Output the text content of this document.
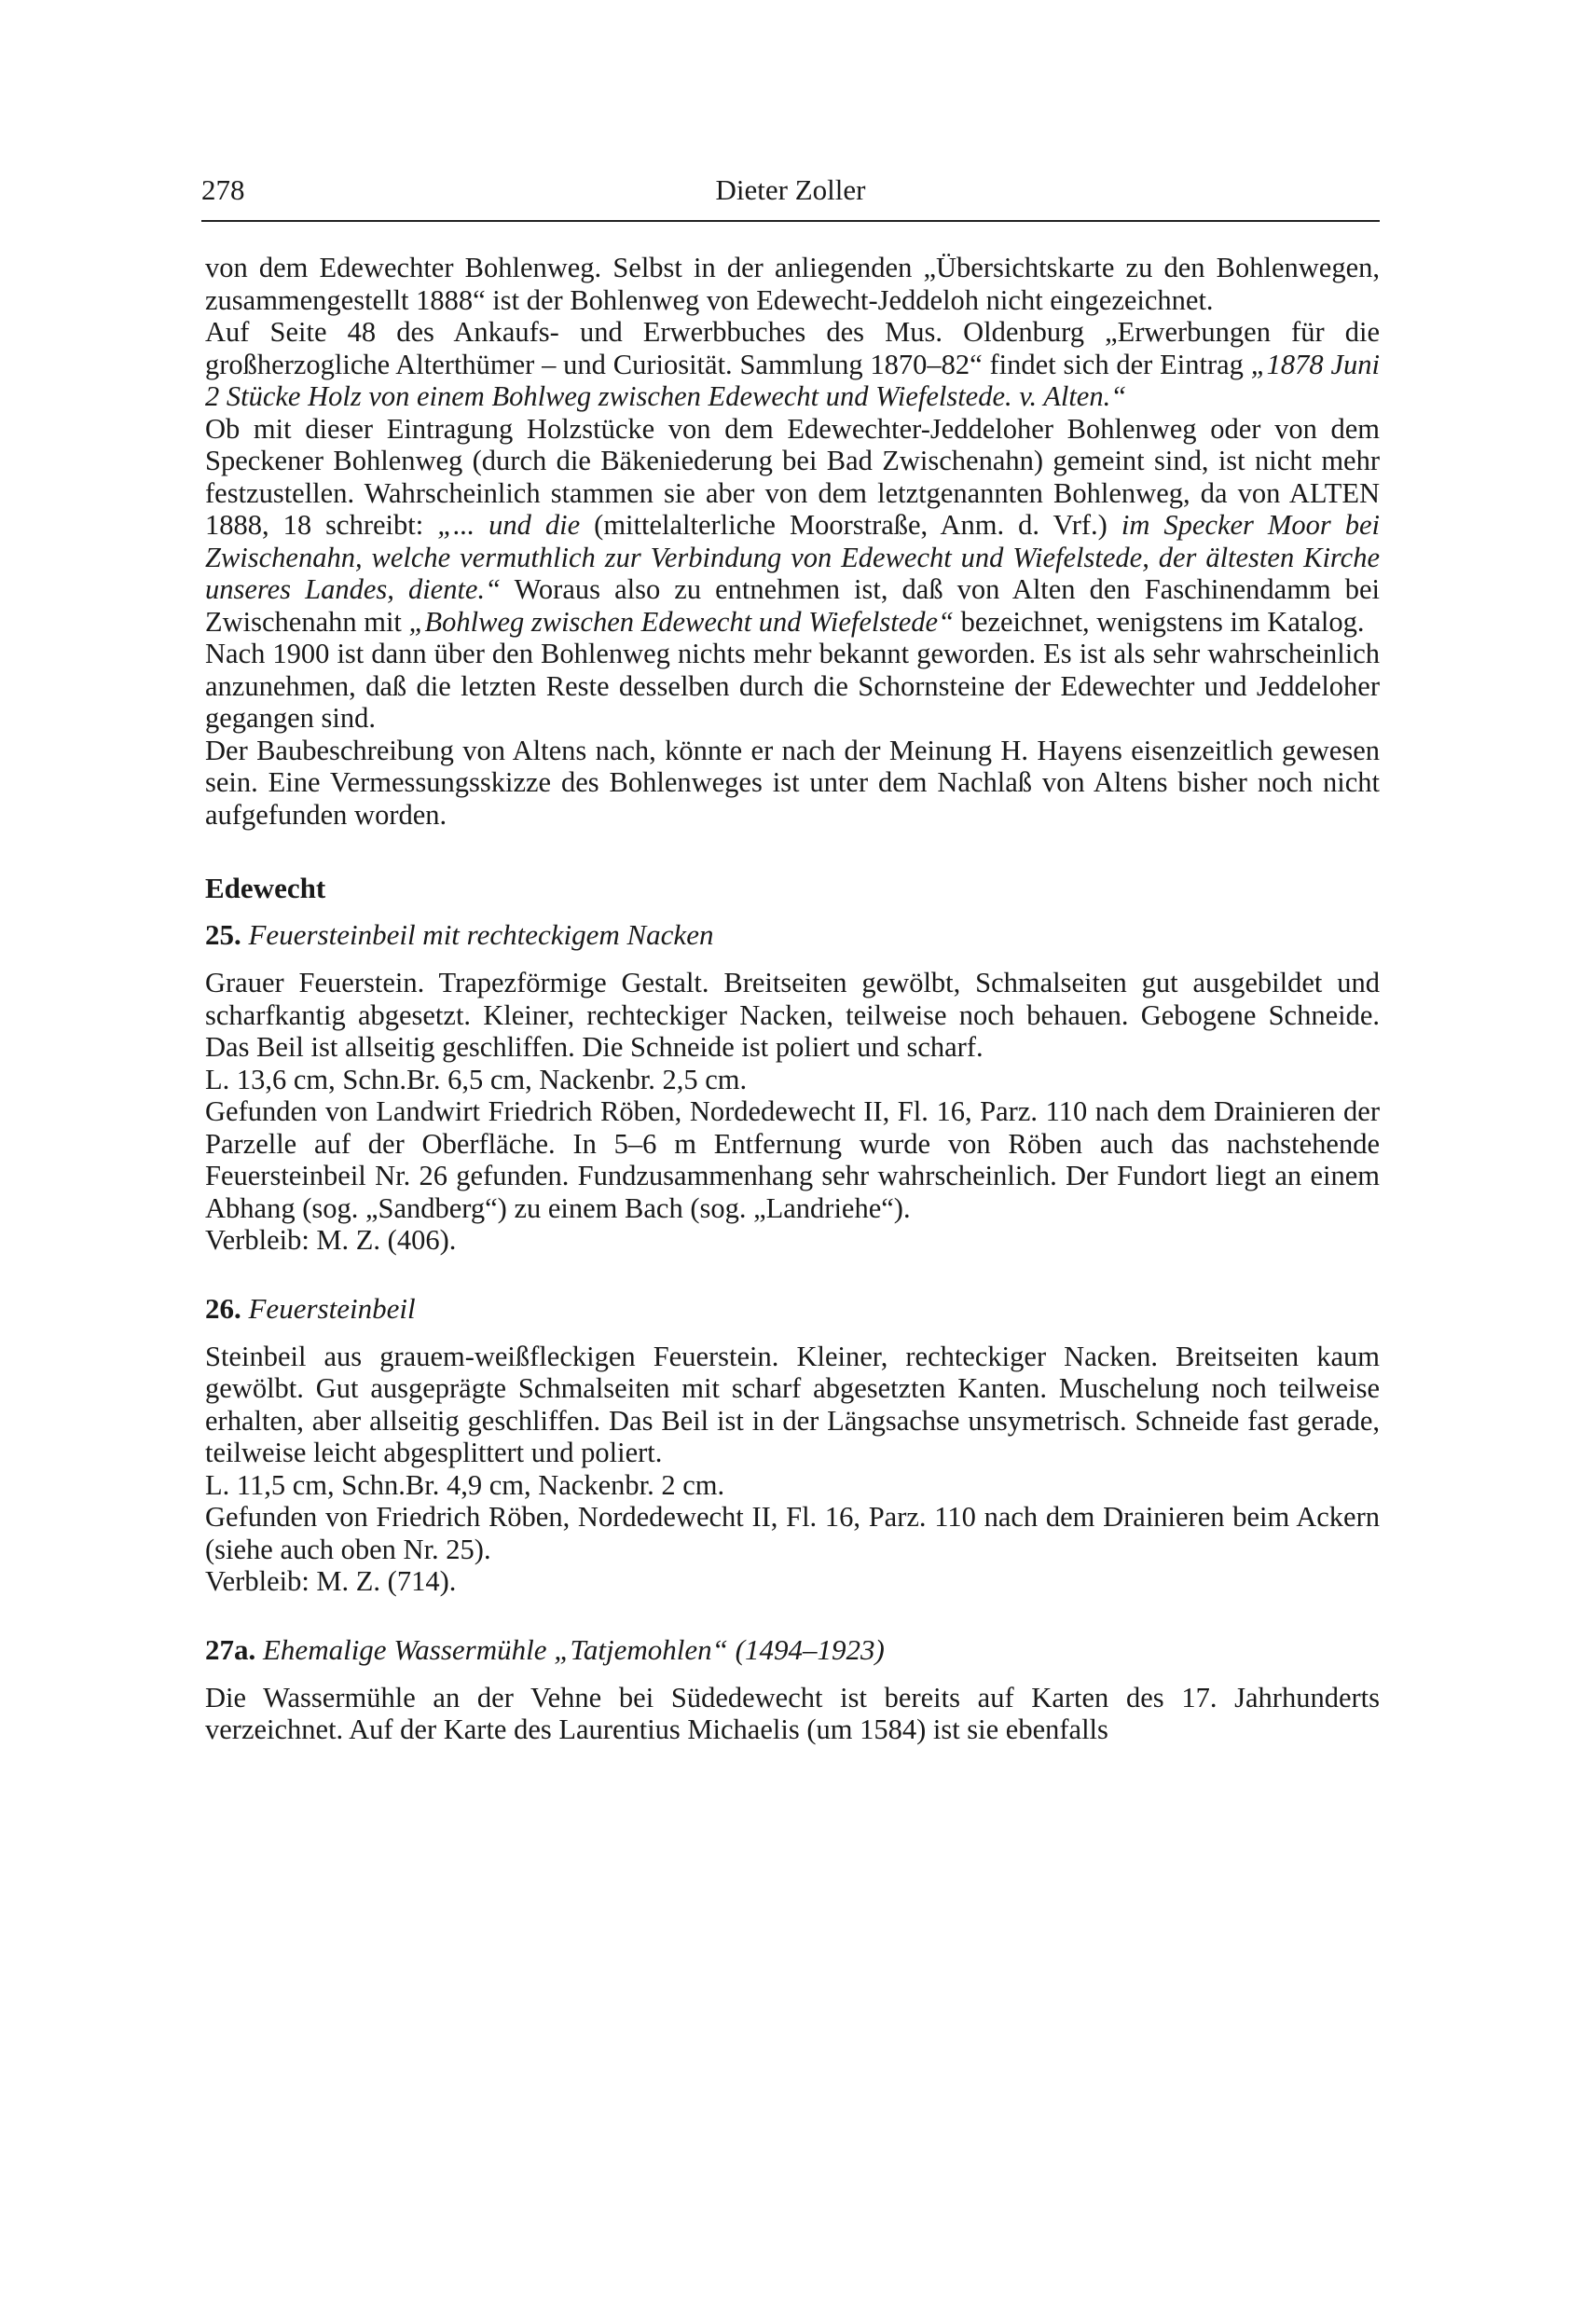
278	Dieter Zoller

von dem Edewechter Bohlenweg. Selbst in der anliegenden „Übersichtskarte zu den Bohlenwegen, zusammengestellt 1888“ ist der Bohlenweg von Edewecht-Jeddeloh nicht eingezeichnet.

Auf Seite 48 des Ankaufs- und Erwerbbuches des Mus. Oldenburg „Erwerbungen für die großherzogliche Alterthümer – und Curiosität. Sammlung 1870–82“ findet sich der Eintrag „1878 Juni 2 Stücke Holz von einem Bohlweg zwischen Edewecht und Wiefelstede. v. Alten.“

Ob mit dieser Eintragung Holzstücke von dem Edewechter-Jeddeloher Bohlenweg oder von dem Speckener Bohlenweg (durch die Bäkeniederung bei Bad Zwischenahn) gemeint sind, ist nicht mehr festzustellen. Wahrscheinlich stammen sie aber von dem letztgenannten Bohlenweg, da von ALTEN 1888, 18 schreibt: „... und die (mittelalterliche Moorstraße, Anm. d. Vrf.) im Specker Moor bei Zwischenahn, welche vermuthlich zur Verbindung von Edewecht und Wiefelstede, der ältesten Kirche unseres Landes, diente.“ Woraus also zu entnehmen ist, daß von Alten den Faschinendamm bei Zwischenahn mit „Bohlweg zwischen Edewecht und Wiefelstede“ bezeichnet, wenigstens im Katalog.

Nach 1900 ist dann über den Bohlenweg nichts mehr bekannt geworden. Es ist als sehr wahrscheinlich anzunehmen, daß die letzten Reste desselben durch die Schornsteine der Edewechter und Jeddeloher gegangen sind.

Der Baubeschreibung von Altens nach, könnte er nach der Meinung H. Hayens eisenzeitlich gewesen sein. Eine Vermessungsskizze des Bohlenweges ist unter dem Nachlaß von Altens bisher noch nicht aufgefunden worden.

Edewecht
25. Feuersteinbeil mit rechteckigem Nacken

Grauer Feuerstein. Trapezförmige Gestalt. Breitseiten gewölbt, Schmalseiten gut ausgebildet und scharfkantig abgesetzt. Kleiner, rechteckiger Nacken, teilweise noch behauen. Gebogene Schneide. Das Beil ist allseitig geschliffen. Die Schneide ist poliert und scharf.

L. 13,6 cm, Schn.Br. 6,5 cm, Nackenbr. 2,5 cm.

Gefunden von Landwirt Friedrich Röben, Nordedewecht II, Fl. 16, Parz. 110 nach dem Drainieren der Parzelle auf der Oberfläche. In 5–6 m Entfernung wurde von Röben auch das nachstehende Feuersteinbeil Nr. 26 gefunden. Fundzusammenhang sehr wahrscheinlich. Der Fundort liegt an einem Abhang (sog. „Sandberg“) zu einem Bach (sog. „Landriehe“).

Verbleib: M. Z. (406).

26. Feuersteinbeil

Steinbeil aus grauem-weißfleckigen Feuerstein. Kleiner, rechteckiger Nacken. Breitseiten kaum gewölbt. Gut ausgeprägte Schmalseiten mit scharf abgesetzten Kanten. Muschelung noch teilweise erhalten, aber allseitig geschliffen. Das Beil ist in der Längsachse unsymetrisch. Schneide fast gerade, teilweise leicht abgesplittert und poliert.

L. 11,5 cm, Schn.Br. 4,9 cm, Nackenbr. 2 cm.

Gefunden von Friedrich Röben, Nordedewecht II, Fl. 16, Parz. 110 nach dem Drainieren beim Ackern (siehe auch oben Nr. 25).

Verbleib: M. Z. (714).

27a. Ehemalige Wassermühle „Tatjemohlen“ (1494–1923)

Die Wassermühle an der Vehne bei Südedewecht ist bereits auf Karten des 17. Jahrhunderts verzeichnet. Auf der Karte des Laurentius Michaelis (um 1584) ist sie ebenfalls
